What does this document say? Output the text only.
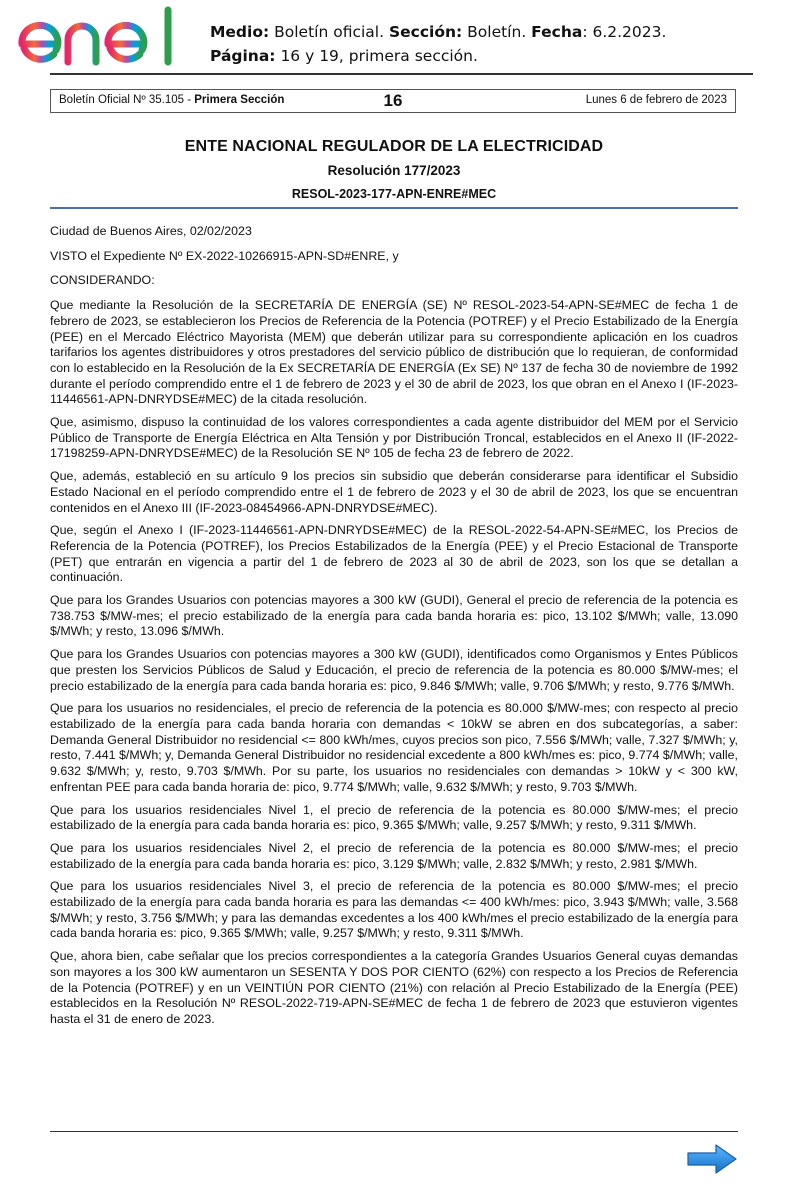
Medio: Boletín oficial. Sección: Boletín. Fecha: 6.2.2023.
Página: 16 y 19, primera sección.
Boletín Oficial Nº 35.105 - Primera Sección	16	Lunes 6 de febrero de 2023
ENTE NACIONAL REGULADOR DE LA ELECTRICIDAD
Resolución 177/2023
RESOL-2023-177-APN-ENRE#MEC

Ciudad de Buenos Aires, 02/02/2023

VISTO el Expediente Nº EX-2022-10266915-APN-SD#ENRE, y

CONSIDERANDO:

Que mediante la Resolución de la SECRETARÍA DE ENERGÍA (SE) Nº RESOL-2023-54-APN-SE#MEC de fecha 1 de febrero de 2023, se establecieron los Precios de Referencia de la Potencia (POTREF) y el Precio Estabilizado de la Energía (PEE) en el Mercado Eléctrico Mayorista (MEM) que deberán utilizar para su correspondiente aplicación en los cuadros tarifarios los agentes distribuidores y otros prestadores del servicio público de distribución que lo requieran, de conformidad con lo establecido en la Resolución de la Ex SECRETARÍA DE ENERGÍA (Ex SE) Nº 137 de fecha 30 de noviembre de 1992 durante el período comprendido entre el 1 de febrero de 2023 y el 30 de abril de 2023, los que obran en el Anexo I (IF-2023-11446561-APN-DNRYDSE#MEC) de la citada resolución.

Que, asimismo, dispuso la continuidad de los valores correspondientes a cada agente distribuidor del MEM por el Servicio Público de Transporte de Energía Eléctrica en Alta Tensión y por Distribución Troncal, establecidos en el Anexo II (IF-2022-17198259-APN-DNRYDSE#MEC) de la Resolución SE Nº 105 de fecha 23 de febrero de 2022.

Que, además, estableció en su artículo 9 los precios sin subsidio que deberán considerarse para identificar el Subsidio Estado Nacional en el período comprendido entre el 1 de febrero de 2023 y el 30 de abril de 2023, los que se encuentran contenidos en el Anexo III (IF-2023-08454966-APN-DNRYDSE#MEC).

Que, según el Anexo I (IF-2023-11446561-APN-DNRYDSE#MEC) de la RESOL-2022-54-APN-SE#MEC, los Precios de Referencia de la Potencia (POTREF), los Precios Estabilizados de la Energía (PEE) y el Precio Estacional de Transporte (PET) que entrarán en vigencia a partir del 1 de febrero de 2023 al 30 de abril de 2023, son los que se detallan a continuación.

Que para los Grandes Usuarios con potencias mayores a 300 kW (GUDI), General el precio de referencia de la potencia es 738.753 $/MW-mes; el precio estabilizado de la energía para cada banda horaria es: pico, 13.102 $/MWh; valle, 13.090 $/MWh; y resto, 13.096 $/MWh.

Que para los Grandes Usuarios con potencias mayores a 300 kW (GUDI), identificados como Organismos y Entes Públicos que presten los Servicios Públicos de Salud y Educación, el precio de referencia de la potencia es 80.000 $/MW-mes; el precio estabilizado de la energía para cada banda horaria es: pico, 9.846 $/MWh; valle, 9.706 $/MWh; y resto, 9.776 $/MWh.

Que para los usuarios no residenciales, el precio de referencia de la potencia es 80.000 $/MW-mes; con respecto al precio estabilizado de la energía para cada banda horaria con demandas < 10kW se abren en dos subcategorías, a saber: Demanda General Distribuidor no residencial <= 800 kWh/mes, cuyos precios son pico, 7.556 $/MWh; valle, 7.327 $/MWh; y, resto, 7.441 $/MWh; y, Demanda General Distribuidor no residencial excedente a 800 kWh/mes es: pico, 9.774 $/MWh; valle, 9.632 $/MWh; y, resto, 9.703 $/MWh. Por su parte, los usuarios no residenciales con demandas > 10kW y < 300 kW, enfrentan PEE para cada banda horaria de: pico, 9.774 $/MWh; valle, 9.632 $/MWh; y resto, 9.703 $/MWh.

Que para los usuarios residenciales Nivel 1, el precio de referencia de la potencia es 80.000 $/MW-mes; el precio estabilizado de la energía para cada banda horaria es: pico, 9.365 $/MWh; valle, 9.257 $/MWh; y resto, 9.311 $/MWh.

Que para los usuarios residenciales Nivel 2, el precio de referencia de la potencia es 80.000 $/MW-mes; el precio estabilizado de la energía para cada banda horaria es: pico, 3.129 $/MWh; valle, 2.832 $/MWh; y resto, 2.981 $/MWh.

Que para los usuarios residenciales Nivel 3, el precio de referencia de la potencia es 80.000 $/MW-mes; el precio estabilizado de la energía para cada banda horaria es para las demandas <= 400 kWh/mes: pico, 3.943 $/MWh; valle, 3.568 $/MWh; y resto, 3.756 $/MWh; y para las demandas excedentes a los 400 kWh/mes el precio estabilizado de la energía para cada banda horaria es: pico, 9.365 $/MWh; valle, 9.257 $/MWh; y resto, 9.311 $/MWh.

Que, ahora bien, cabe señalar que los precios correspondientes a la categoría Grandes Usuarios General cuyas demandas son mayores a los 300 kW aumentaron un SESENTA Y DOS POR CIENTO (62%) con respecto a los Precios de Referencia de la Potencia (POTREF) y en un VEINTIÚN POR CIENTO (21%) con relación al Precio Estabilizado de la Energía (PEE) establecidos en la Resolución Nº RESOL-2022-719-APN-SE#MEC de fecha 1 de febrero de 2023 que estuvieron vigentes hasta el 31 de enero de 2023.
